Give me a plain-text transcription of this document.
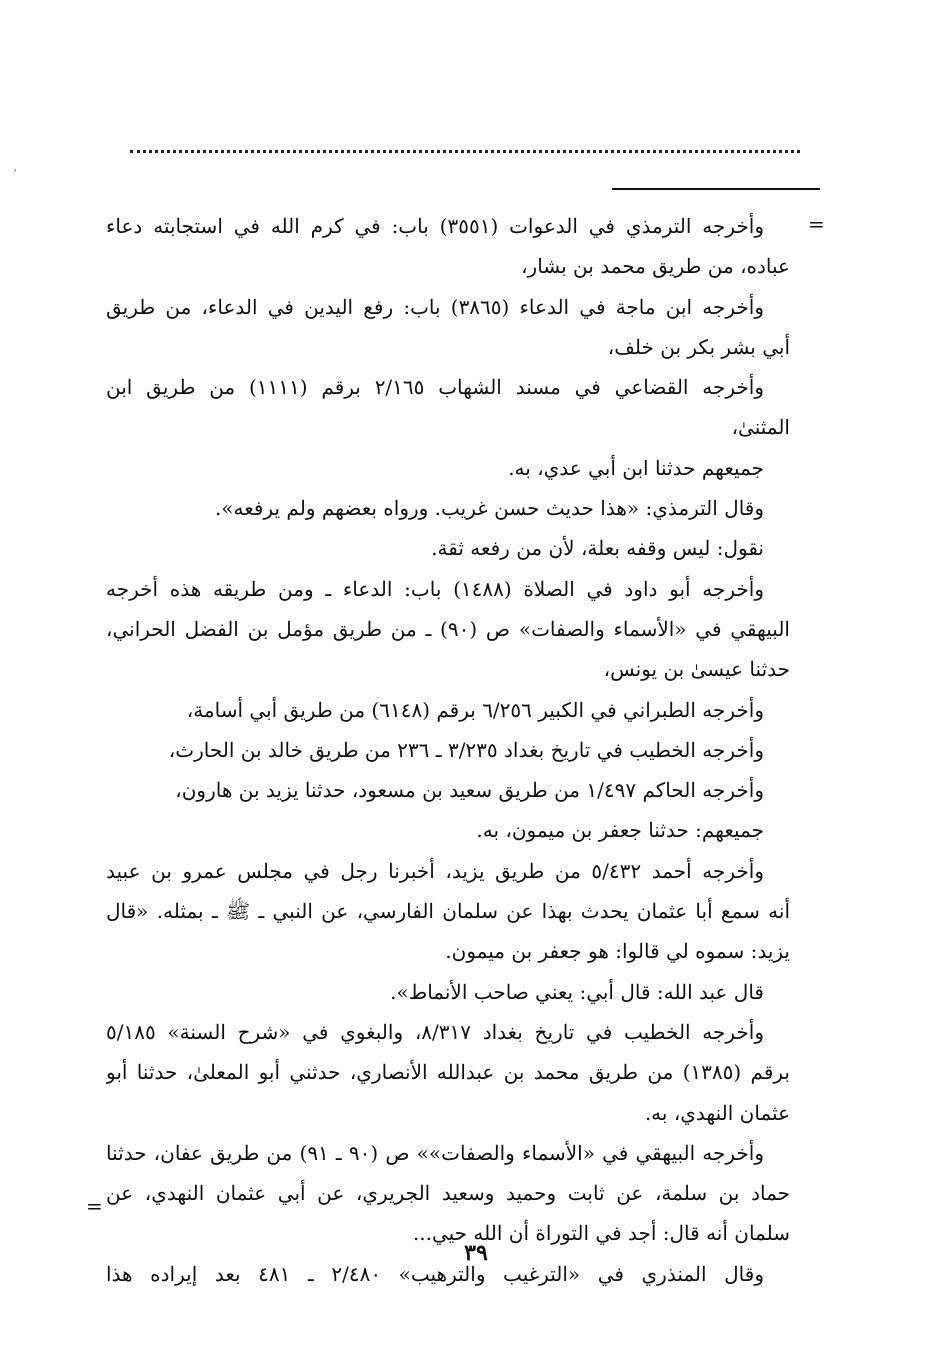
ˊ
=
=
وأخرجه الترمذي في الدعوات (٣٥٥١) باب: في كرم الله في استجابته دعاء
عباده، من طريق محمد بن بشار،
وأخرجه ابن ماجة في الدعاء (٣٨٦٥) باب: رفع اليدين في الدعاء، من طريق
أبي بشر بكر بن خلف،
وأخرجه القضاعي في مسند الشهاب ٢/١٦٥ برقم (١١١١) من طريق ابن
المثنىٰ،
جميعهم حدثنا ابن أبي عدي، به.
وقال الترمذي: «هذا حديث حسن غريب. ورواه بعضهم ولم يرفعه».
نقول: ليس وقفه بعلة، لأن من رفعه ثقة.
وأخرجه أبو داود في الصلاة (١٤٨٨) باب: الدعاء ـ ومن طريقه هذه أخرجه
البيهقي في «الأسماء والصفات» ص (٩٠) ـ من طريق مؤمل بن الفضل الحراني،
حدثنا عيسىٰ بن يونس،
وأخرجه الطبراني في الكبير ٦/٢٥٦ برقم (٦١٤٨) من طريق أبي أسامة،
وأخرجه الخطيب في تاريخ بغداد ٣/٢٣٥ ـ ٢٣٦ من طريق خالد بن الحارث،
وأخرجه الحاكم ١/٤٩٧ من طريق سعيد بن مسعود، حدثنا يزيد بن هارون،
جميعهم: حدثنا جعفر بن ميمون، به.
وأخرجه أحمد ٥/٤٣٢ من طريق يزيد، أخبرنا رجل في مجلس عمرو بن عبيد
أنه سمع أبا عثمان يحدث بهذا عن سلمان الفارسي، عن النبي ـ ﷺ ـ بمثله. «قال
يزيد: سموه لي قالوا: هو جعفر بن ميمون.
قال عبد الله: قال أبي: يعني صاحب الأنماط».
وأخرجه الخطيب في تاريخ بغداد ٨/٣١٧، والبغوي في «شرح السنة» ٥/١٨٥
برقم (١٣٨٥) من طريق محمد بن عبدالله الأنصاري، حدثني أبو المعلىٰ، حدثنا أبو
عثمان النهدي، به.
وأخرجه البيهقي في «الأسماء والصفات»» ص (٩٠ ـ ٩١) من طريق عفان، حدثنا
حماد بن سلمة، عن ثابت وحميد وسعيد الجريري، عن أبي عثمان النهدي، عن
سلمان أنه قال: أجد في التوراة أن الله حيي...
وقال المنذري في «الترغيب والترهيب» ٢/٤٨٠ ـ ٤٨١ بعد إيراده هذا
٣٩
